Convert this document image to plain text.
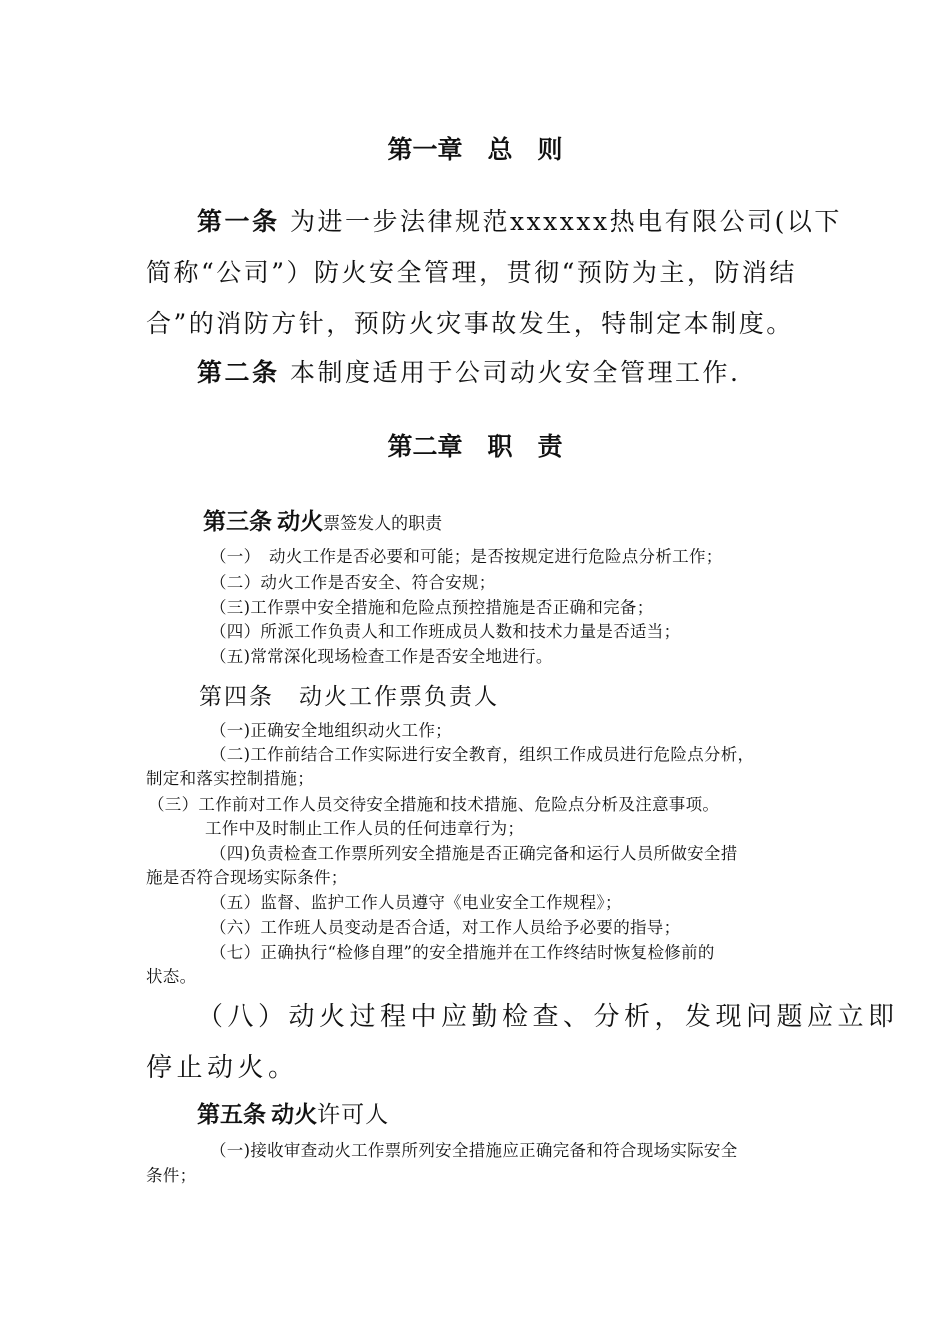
第一章　总　则
第一条 为进一步法律规范xxxxxx热电有限公司(以下
简称“公司”）防火安全管理，贯彻“预防为主，防消结
合”的消防方针，预防火灾事故发生，特制定本制度。
第二条 本制度适用于公司动火安全管理工作.
第二章　职　责
第三条 动火票签发人的职责
（一）　动火工作是否必要和可能；是否按规定进行危险点分析工作；
（二）动火工作是否安全、符合安规；
（三)工作票中安全措施和危险点预控措施是否正确和完备；
（四）所派工作负责人和工作班成员人数和技术力量是否适当；
（五)常常深化现场检查工作是否安全地进行。
第四条　动火工作票负责人
（一)正确安全地组织动火工作；
（二)工作前结合工作实际进行安全教育，组织工作成员进行危险点分析，
制定和落实控制措施；
（三）工作前对工作人员交待安全措施和技术措施、危险点分析及注意事项。
工作中及时制止工作人员的任何违章行为；
（四)负责检查工作票所列安全措施是否正确完备和运行人员所做安全措
施是否符合现场实际条件；
（五）监督、监护工作人员遵守《电业安全工作规程》；
（六）工作班人员变动是否合适，对工作人员给予必要的指导；
（七）正确执行“检修自理”的安全措施并在工作终结时恢复检修前的
状态。
（八）动火过程中应勤检查、分析，发现问题应立即
停止动火。
第五条 动火许可人
（一)接收审查动火工作票所列安全措施应正确完备和符合现场实际安全
条件；
